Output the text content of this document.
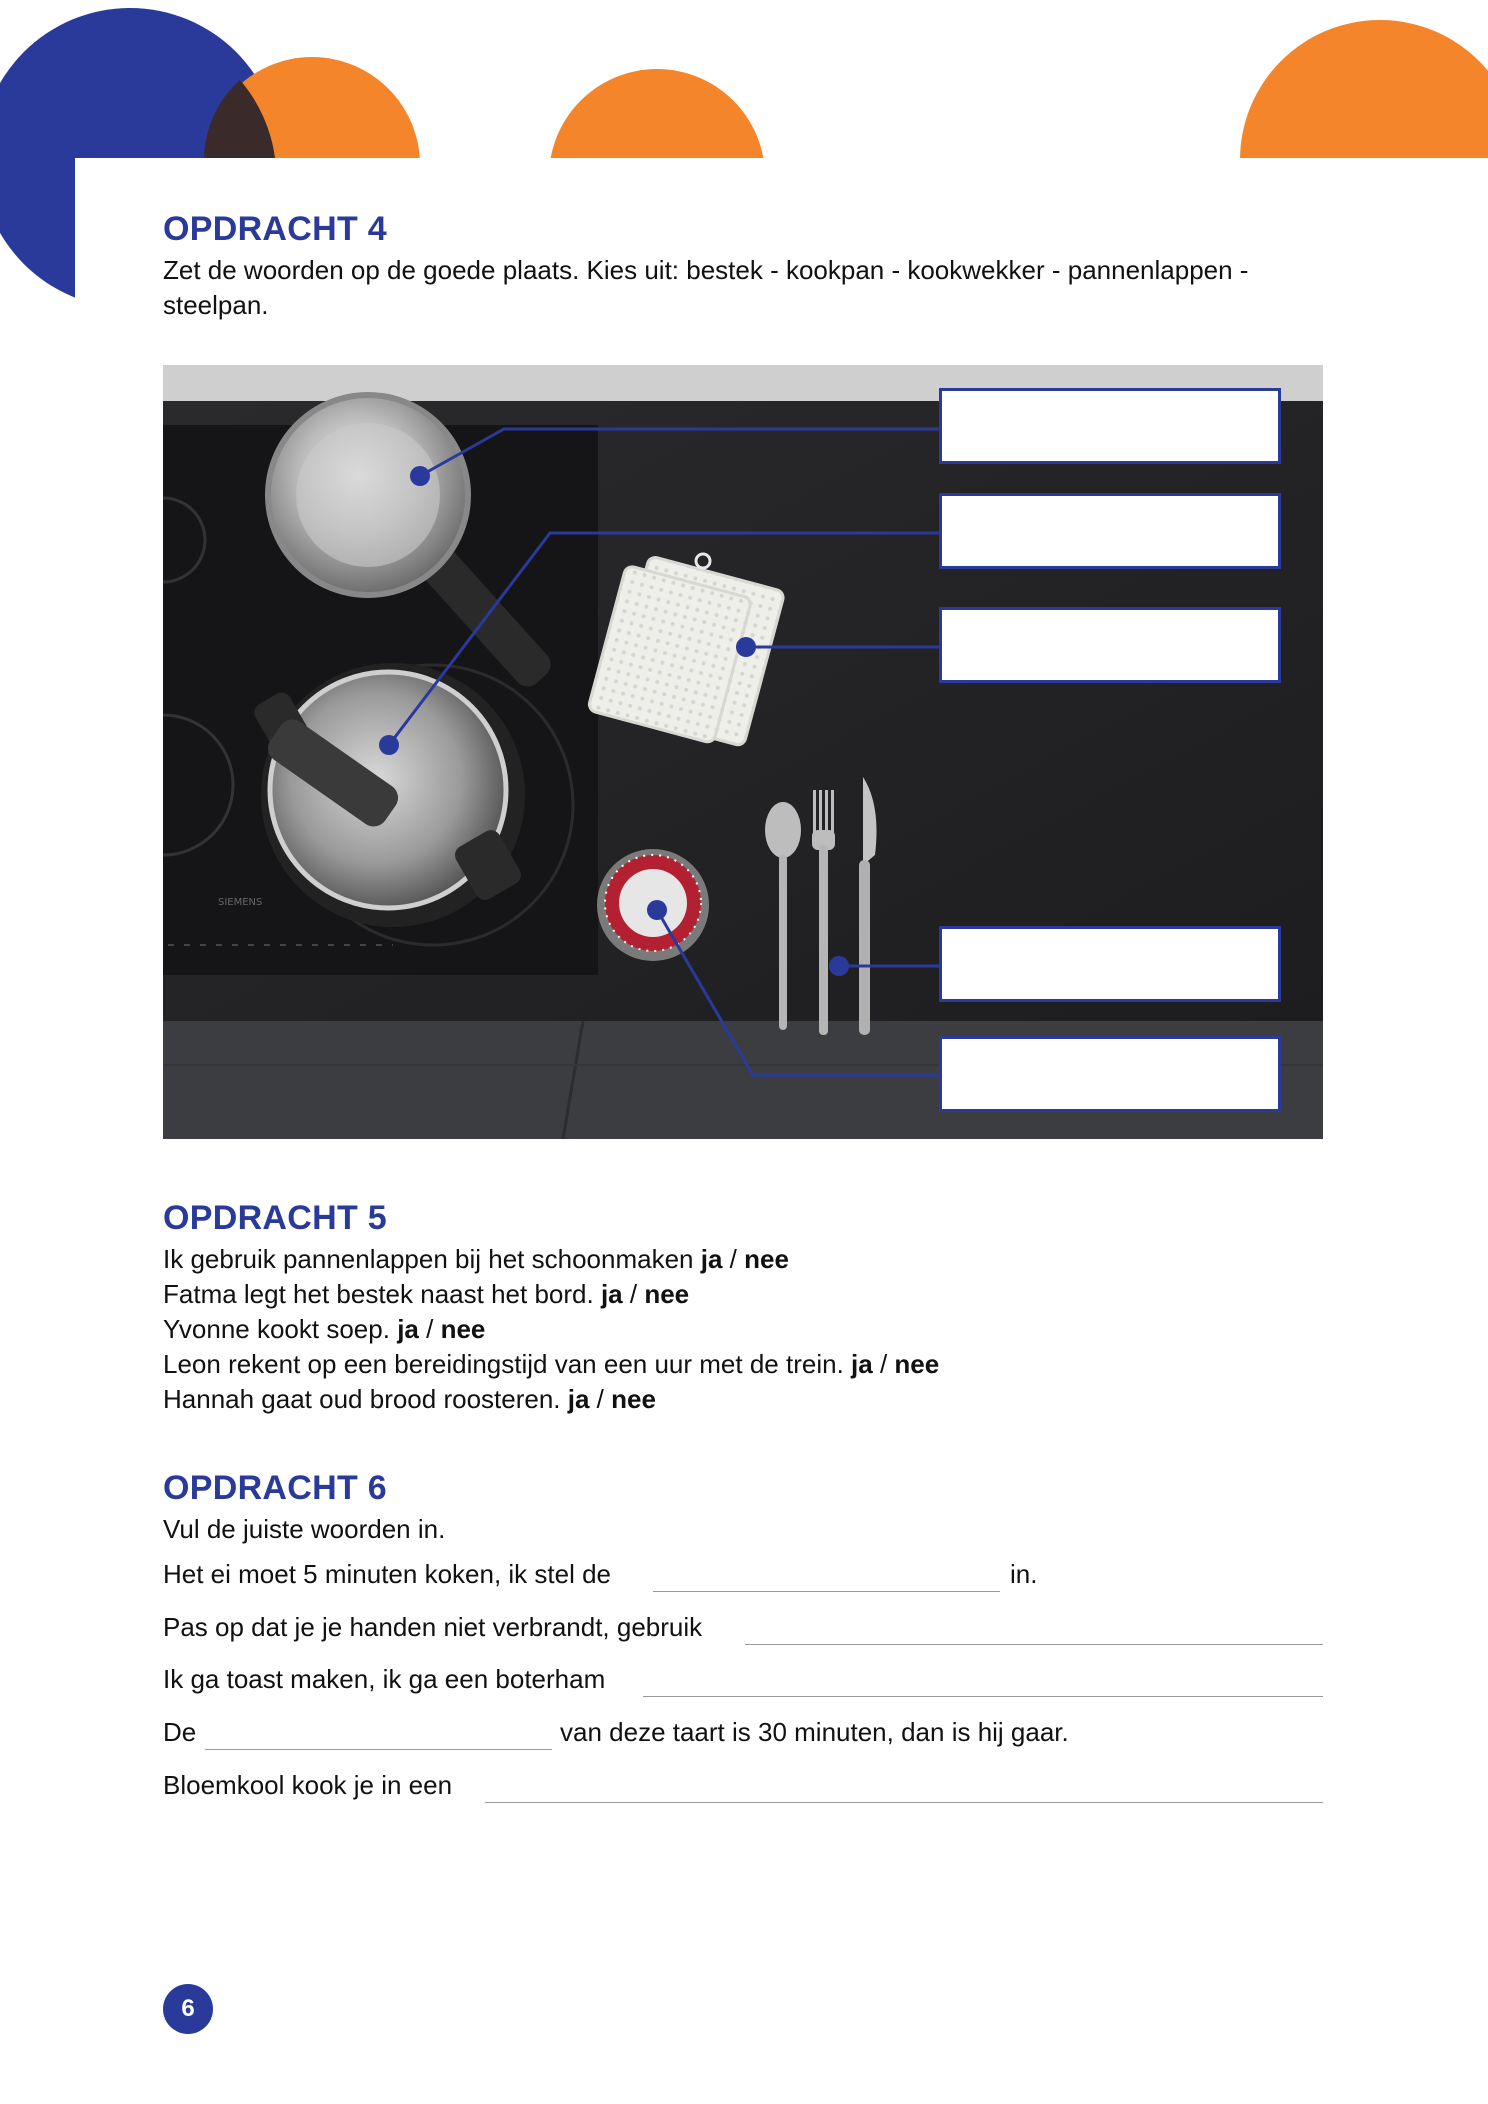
OPDRACHT 4

Zet de woorden op de goede plaats. Kies uit: bestek - kookpan - kookwekker - pannenlappen - steelpan.

SIEMENS
OPDRACHT 5

Ik gebruik pannenlappen bij het schoonmaken ja / nee

Fatma legt het bestek naast het bord. ja / nee

Yvonne kookt soep. ja / nee

Leon rekent op een bereidingstijd van een uur met de trein. ja / nee

Hannah gaat oud brood roosteren. ja / nee

OPDRACHT 6

Vul de juiste woorden in.

Het ei moet 5 minuten koken, ik stel de	in.
Pas op dat je je handen niet verbrandt, gebruik
Ik ga toast maken, ik ga een boterham
De	van deze taart is 30 minuten, dan is hij gaar.
Bloemkool kook je in een
6
